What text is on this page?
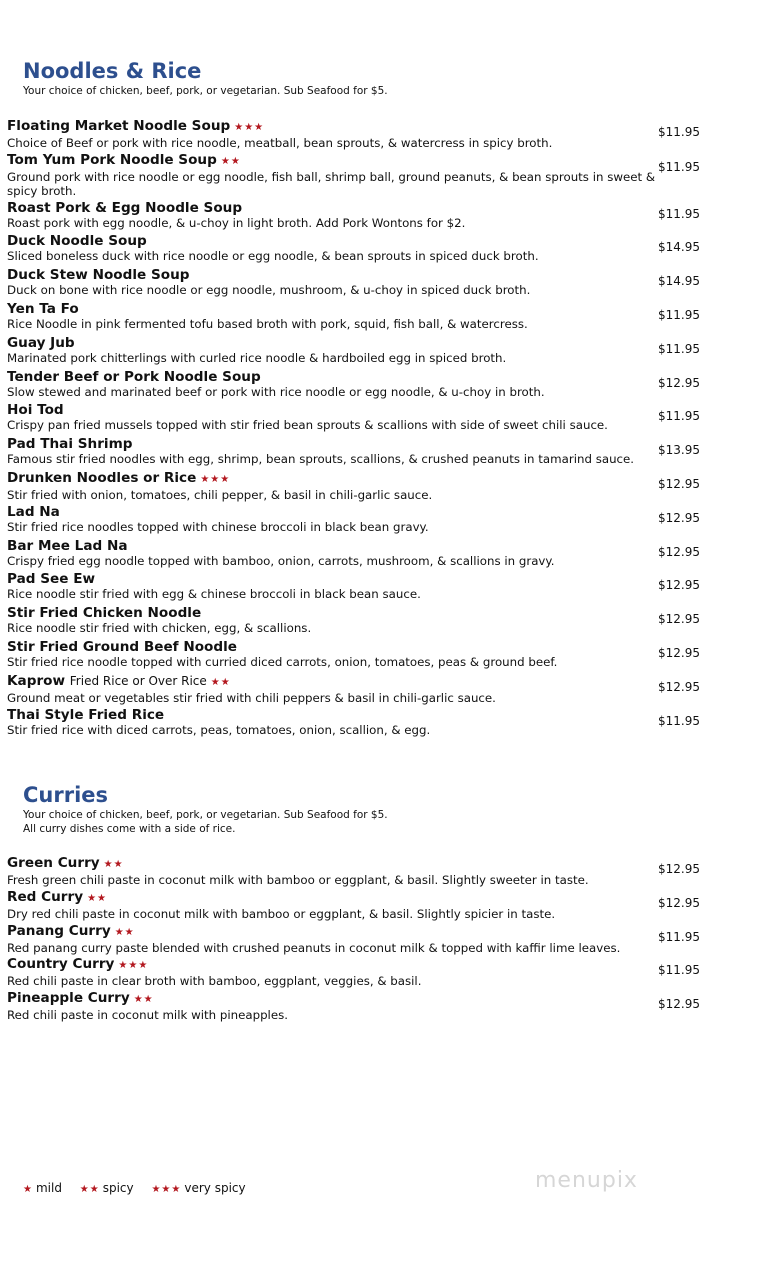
Noodles & Rice
Your choice of chicken, beef, pork, or vegetarian. Sub Seafood for $5.
Floating Market Noodle Soup ★★★
Choice of Beef or pork with rice noodle, meatball, bean sprouts, & watercress in spicy broth.
$11.95
Tom Yum Pork Noodle Soup ★★
Ground pork with rice noodle or egg noodle, fish ball, shrimp ball, ground peanuts, & bean sprouts in sweet & spicy broth.
$11.95
Roast Pork & Egg Noodle Soup
Roast pork with egg noodle, & u-choy in light broth. Add Pork Wontons for $2.
$11.95
Duck Noodle Soup
Sliced boneless duck with rice noodle or egg noodle, & bean sprouts in spiced duck broth.
$14.95
Duck Stew Noodle Soup
Duck on bone with rice noodle or egg noodle, mushroom, & u-choy in spiced duck broth.
$14.95
Yen Ta Fo
Rice Noodle in pink fermented tofu based broth with pork, squid, fish ball, & watercress.
$11.95
Guay Jub
Marinated pork chitterlings with curled rice noodle & hardboiled egg in spiced broth.
$11.95
Tender Beef or Pork Noodle Soup
Slow stewed and marinated beef or pork with rice noodle or egg noodle, & u-choy in broth.
$12.95
Hoi Tod
Crispy pan fried mussels topped with stir fried bean sprouts & scallions with side of sweet chili sauce.
$11.95
Pad Thai Shrimp
Famous stir fried noodles with egg, shrimp, bean sprouts, scallions, & crushed peanuts in tamarind sauce.
$13.95
Drunken Noodles or Rice ★★★
Stir fried with onion, tomatoes, chili pepper, & basil in chili-garlic sauce.
$12.95
Lad Na
Stir fried rice noodles topped with chinese broccoli in black bean gravy.
$12.95
Bar Mee Lad Na
Crispy fried egg noodle topped with bamboo, onion, carrots, mushroom, & scallions in gravy.
$12.95
Pad See Ew
Rice noodle stir fried with egg & chinese broccoli in black bean sauce.
$12.95
Stir Fried Chicken Noodle
Rice noodle stir fried with chicken, egg, & scallions.
$12.95
Stir Fried Ground Beef Noodle
Stir fried rice noodle topped with curried diced carrots, onion, tomatoes, peas & ground beef.
$12.95
Kaprow Fried Rice or Over Rice ★★
Ground meat or vegetables stir fried with chili peppers & basil in chili-garlic sauce.
$12.95
Thai Style Fried Rice
Stir fried rice with diced carrots, peas, tomatoes, onion, scallion, & egg.
$11.95
Curries
Your choice of chicken, beef, pork, or vegetarian. Sub Seafood for $5.
All curry dishes come with a side of rice.
Green Curry ★★
Fresh green chili paste in coconut milk with bamboo or eggplant, & basil. Slightly sweeter in taste.
$12.95
Red Curry ★★
Dry red chili paste in coconut milk with bamboo or eggplant, & basil. Slightly spicier in taste.
$12.95
Panang Curry ★★
Red panang curry paste blended with crushed peanuts in coconut milk & topped with kaffir lime leaves.
$11.95
Country Curry ★★★
Red chili paste in clear broth with bamboo, eggplant, veggies, & basil.
$11.95
Pineapple Curry ★★
Red chili paste in coconut milk with pineapples.
$12.95
★ mild ★★ spicy ★★★ very spicy	menupix
